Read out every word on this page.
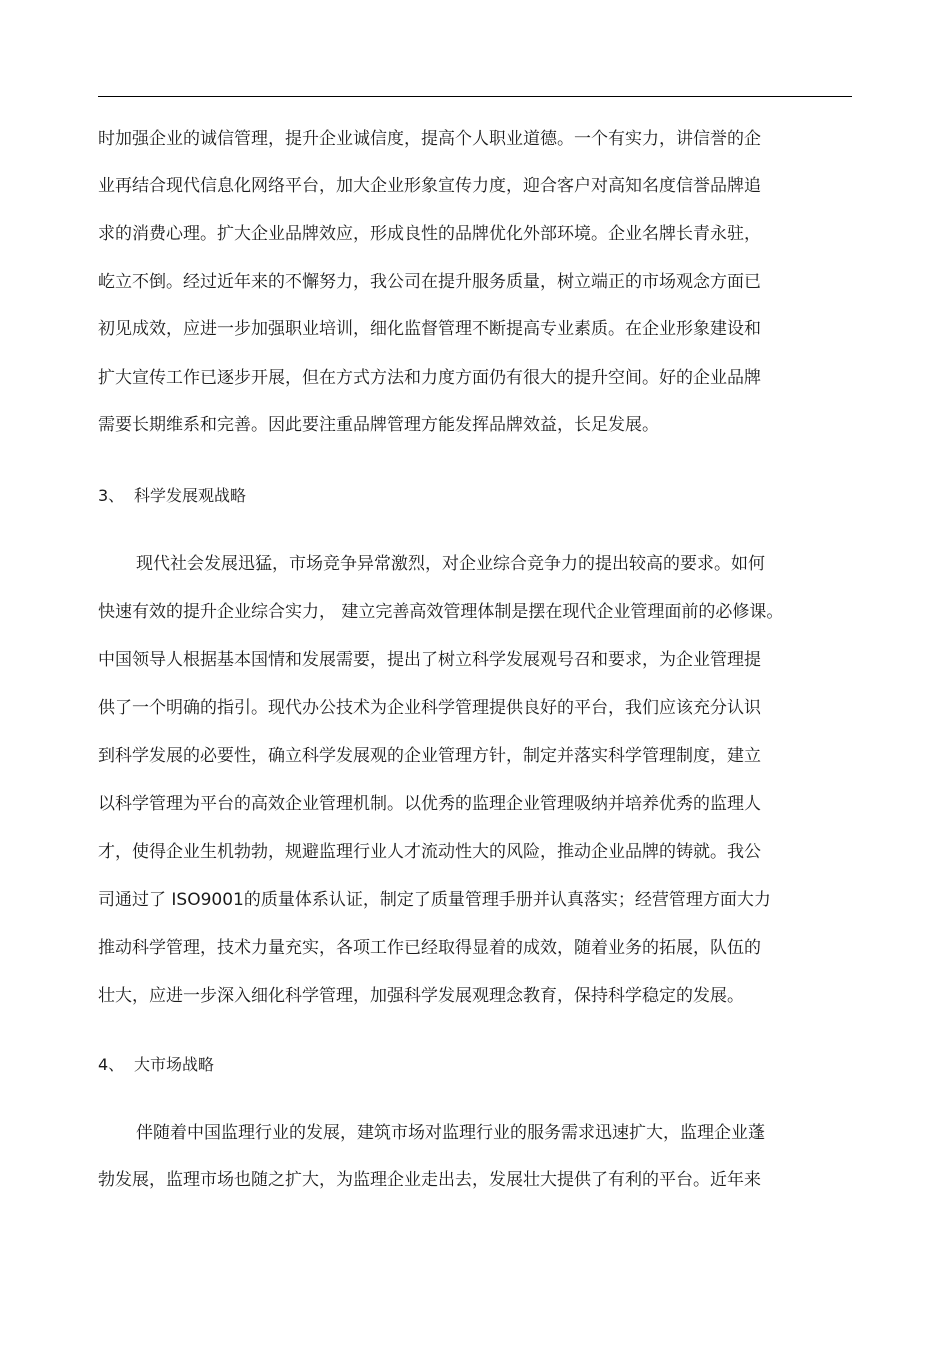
时加强企业的诚信管理，提升企业诚信度，提高个人职业道德。一个有实力，讲信誉的企
业再结合现代信息化网络平台，加大企业形象宣传力度，迎合客户对高知名度信誉品牌追
求的消费心理。扩大企业品牌效应，形成良性的品牌优化外部环境。企业名牌长青永驻，
屹立不倒。经过近年来的不懈努力，我公司在提升服务质量，树立端正的市场观念方面已
初见成效，应进一步加强职业培训，细化监督管理不断提高专业素质。在企业形象建设和
扩大宣传工作已逐步开展，但在方式方法和力度方面仍有很大的提升空间。好的企业品牌
需要长期维系和完善。因此要注重品牌管理方能发挥品牌效益，长足发展。
3、 科学发展观战略
现代社会发展迅猛，市场竞争异常激烈，对企业综合竞争力的提出较高的要求。如何
快速有效的提升企业综合实力， 建立完善高效管理体制是摆在现代企业管理面前的必修课。
中国领导人根据基本国情和发展需要，提出了树立科学发展观号召和要求，为企业管理提
供了一个明确的指引。现代办公技术为企业科学管理提供良好的平台，我们应该充分认识
到科学发展的必要性，确立科学发展观的企业管理方针，制定并落实科学管理制度，建立
以科学管理为平台的高效企业管理机制。以优秀的监理企业管理吸纳并培养优秀的监理人
才，使得企业生机勃勃，规避监理行业人才流动性大的风险，推动企业品牌的铸就。我公
司通过了 ISO9001的质量体系认证，制定了质量管理手册并认真落实；经营管理方面大力
推动科学管理，技术力量充实，各项工作已经取得显着的成效，随着业务的拓展，队伍的
壮大，应进一步深入细化科学管理，加强科学发展观理念教育，保持科学稳定的发展。
4、 大市场战略
伴随着中国监理行业的发展，建筑市场对监理行业的服务需求迅速扩大，监理企业蓬
勃发展，监理市场也随之扩大，为监理企业走出去，发展壮大提供了有利的平台。近年来
